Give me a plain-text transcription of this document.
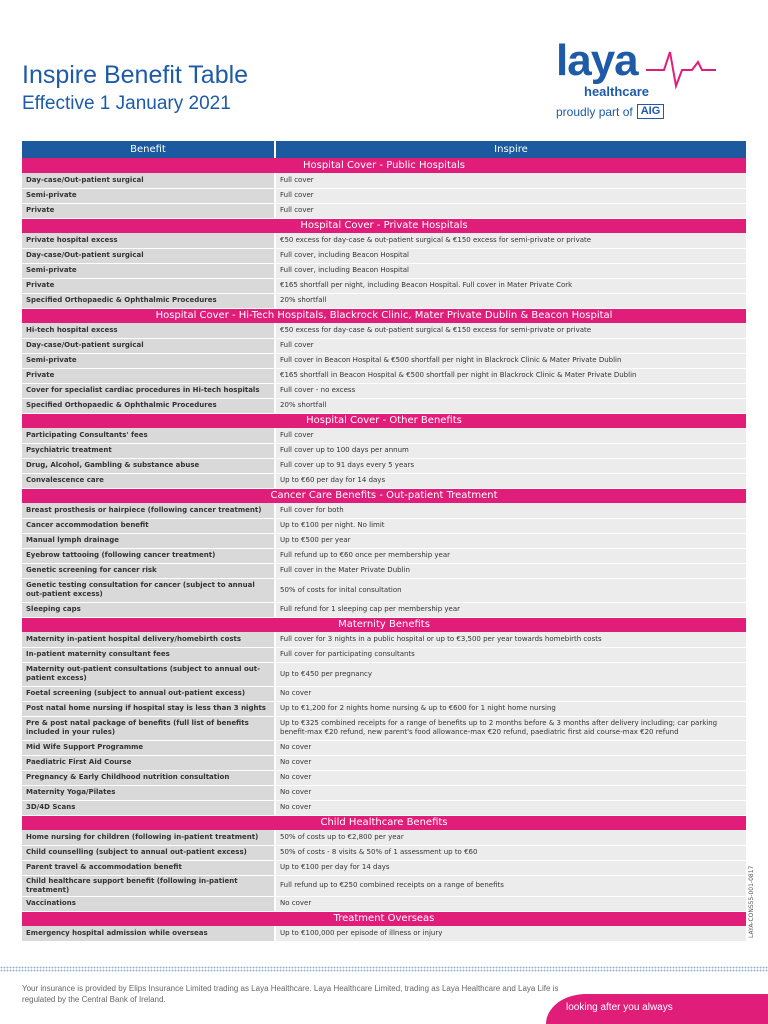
Inspire Benefit Table
Effective 1 January 2021
laya
healthcare
proudly part of AIG
Benefit	Inspire
Hospital Cover - Public Hospitals	
Day-case/Out-patient surgical	Full cover
Semi-private	Full cover
Private	Full cover
Hospital Cover - Private Hospitals	
Private hospital excess	€50 excess for day-case & out-patient surgical & €150 excess for semi-private or private
Day-case/Out-patient surgical	Full cover, including Beacon Hospital
Semi-private	Full cover, including Beacon Hospital
Private	€165 shortfall per night, including Beacon Hospital. Full cover in Mater Private Cork
Specified Orthopaedic & Ophthalmic Procedures	20% shortfall
Hospital Cover - Hi-Tech Hospitals, Blackrock Clinic, Mater Private Dublin & Beacon Hospital	
Hi-tech hospital excess	€50 excess for day-case & out-patient surgical & €150 excess for semi-private or private
Day-case/Out-patient surgical	Full cover
Semi-private	Full cover in Beacon Hospital & €500 shortfall per night in Blackrock Clinic & Mater Private Dublin
Private	€165 shortfall in Beacon Hospital & €500 shortfall per night in Blackrock Clinic & Mater Private Dublin
Cover for specialist cardiac procedures in Hi-tech hospitals	Full cover - no excess
Specified Orthopaedic & Ophthalmic Procedures	20% shortfall
Hospital Cover - Other Benefits	
Participating Consultants' fees	Full cover
Psychiatric treatment	Full cover up to 100 days per annum
Drug, Alcohol, Gambling & substance abuse	Full cover up to 91 days every 5 years
Convalescence care	Up to €60 per day for 14 days
Cancer Care Benefits - Out-patient Treatment	
Breast prosthesis or hairpiece (following cancer treatment)	Full cover for both
Cancer accommodation benefit	Up to €100 per night. No limit
Manual lymph drainage	Up to €500 per year
Eyebrow tattooing (following cancer treatment)	Full refund up to €60 once per membership year
Genetic screening for cancer risk	Full cover in the Mater Private Dublin
Genetic testing consultation for cancer (subject to annual out-patient excess)	50% of costs for inital consultation
Sleeping caps	Full refund for 1 sleeping cap per membership year
Maternity Benefits	
Maternity in-patient hospital delivery/homebirth costs	Full cover for 3 nights in a public hospital or up to €3,500 per year towards homebirth costs
In-patient maternity consultant fees	Full cover for participating consultants
Maternity out-patient consultations (subject to annual out-patient excess)	Up to €450 per pregnancy
Foetal screening (subject to annual out-patient excess)	No cover
Post natal home nursing if hospital stay is less than 3 nights	Up to €1,200 for 2 nights home nursing & up to €600 for 1 night home nursing
Pre & post natal package of benefits (full list of benefits included in your rules)	Up to €325 combined receipts for a range of benefits up to 2 months before & 3 months after delivery including; car parking benefit-max €20 refund, new parent's food allowance-max €20 refund, paediatric first aid course-max €20 refund
Mid Wife Support Programme	No cover
Paediatric First Aid Course	No cover
Pregnancy & Early Childhood nutrition consultation	No cover
Maternity Yoga/Pilates	No cover
3D/4D Scans	No cover
Child Healthcare Benefits	
Home nursing for children (following in-patient treatment)	50% of costs up to €2,800 per year
Child counselling (subject to annual out-patient excess)	50% of costs - 8 visits & 50% of 1 assessment up to €60
Parent travel & accommodation benefit	Up to €100 per day for 14 days
Child healthcare support benefit (following in-patient treatment)	Full refund up to €250 combined receipts on a range of benefits
Vaccinations	No cover
Treatment Overseas	
Emergency hospital admission while overseas	Up to €100,000 per episode of illness or injury	LAYA-CONS55-001-0817
Your insurance is provided by Elips Insurance Limited trading as Laya Healthcare. Laya Healthcare Limited, trading as Laya Healthcare and Laya Life is regulated by the Central Bank of Ireland.
looking after you always
